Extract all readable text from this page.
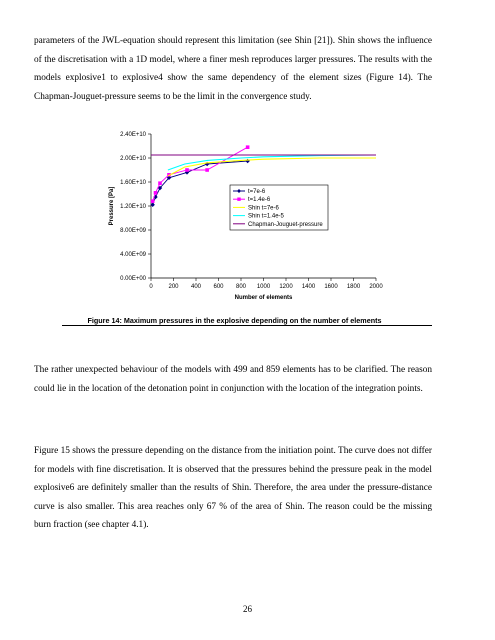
parameters of the JWL-equation should represent this limitation (see Shin [21]). Shin shows the influence of the discretisation with a 1D model, where a finer mesh reproduces larger pressures. The results with the models explosive1 to explosive4 show the same dependency of the element sizes (Figure 14). The Chapman-Jouguet-pressure seems to be the limit in the convergence study.

0.00E+00
4.00E+09
8.00E+09
1.20E+10
1.60E+10
2.00E+10
2.40E+10
0	200 400 600 800 1000 1200 1400 1600 1800 2000
Number of elements
Pressure [Pa]	t=7e-6
t=1.4e-6
Shin t=7e-6
Shin t=1.4e-5
Chapman-Jouguet-pressure
Figure 14: Maximum pressures in the explosive depending on the number of elements

The rather unexpected behaviour of the models with 499 and 859 elements has to be clarified. The reason could lie in the location of the detonation point in conjunction with the location of the integration points.

Figure 15 shows the pressure depending on the distance from the initiation point. The curve does not differ for models with fine discretisation. It is observed that the pressures behind the pressure peak in the model explosive6 are definitely smaller than the results of Shin. Therefore, the area under the pressure-distance curve is also smaller. This area reaches only 67 % of the area of Shin. The reason could be the missing burn fraction (see chapter 4.1).

26
